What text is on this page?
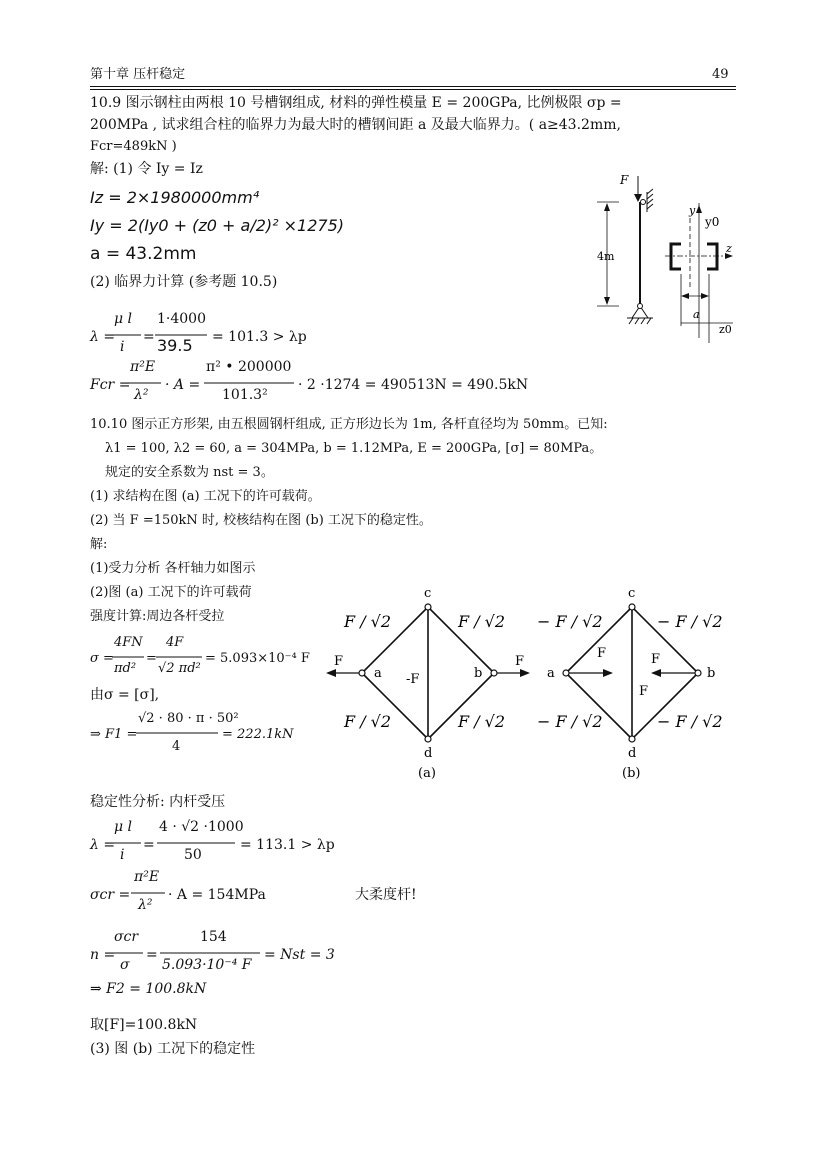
第十章 压杆稳定	49
10.9 图示钢柱由两根 10 号槽钢组成, 材料的弹性模量 E = 200GPa, 比例极限 σp =
200MPa , 试求组合柱的临界力为最大时的槽钢间距 a 及最大临界力。( a≥43.2mm,
Fcr=489kN )
解: (1) 令 Iy = Iz
Iz = 2×1980000mm⁴
Iy = 2(Iy0 + (z0 + a/2)² ×1275)
a = 43.2mm
(2) 临界力计算 (参考题 10.5)
λ =
μ l
i
=
1·4000
39.5 = 101.3 > λp
Fcr =
π²E
λ²
· A =
π² • 200000
101.3²
· 2 ·1274 = 490513N = 490.5kN
F
4m
y
y0
z
a
z0
10.10 图示正方形架, 由五根圆钢杆组成, 正方形边长为 1m, 各杆直径均为 50mm。已知:
λ1 = 100, λ2 = 60, a = 304MPa, b = 1.12MPa, E = 200GPa, [σ] = 80MPa。
规定的安全系数为 nst = 3。
(1) 求结构在图 (a) 工况下的许可载荷。
(2) 当 F =150kN 时, 校核结构在图 (b) 工况下的稳定性。
解:
(1)受力分析 各杆轴力如图示
(2)图 (a) 工况下的许可载荷
强度计算:周边各杆受拉
σ =
4FN
πd²
=
4F
√2 πd²
= 5.093×10⁻⁴ F
由σ = [σ],
⇒ F1 =
√2 · 80 · π · 50²
4
= 222.1kN
c
d
a	b
F / √2	F / √2
F / √2	F / √2
-F
F	F
(a)
c
d
a	b
− F / √2	− F / √2
− F / √2	− F / √2
F
F	F
(b)
稳定性分析: 内杆受压
λ =
μ l
i
=
4 · √2 ·1000
50
= 113.1 > λp
σcr =
π²E
λ²
· A = 154MPa	大柔度杆!
n =
σcr
σ
=
154
5.093·10⁻⁴ F
= Nst = 3
⇒ F2 = 100.8kN
取[F]=100.8kN
(3) 图 (b) 工况下的稳定性
